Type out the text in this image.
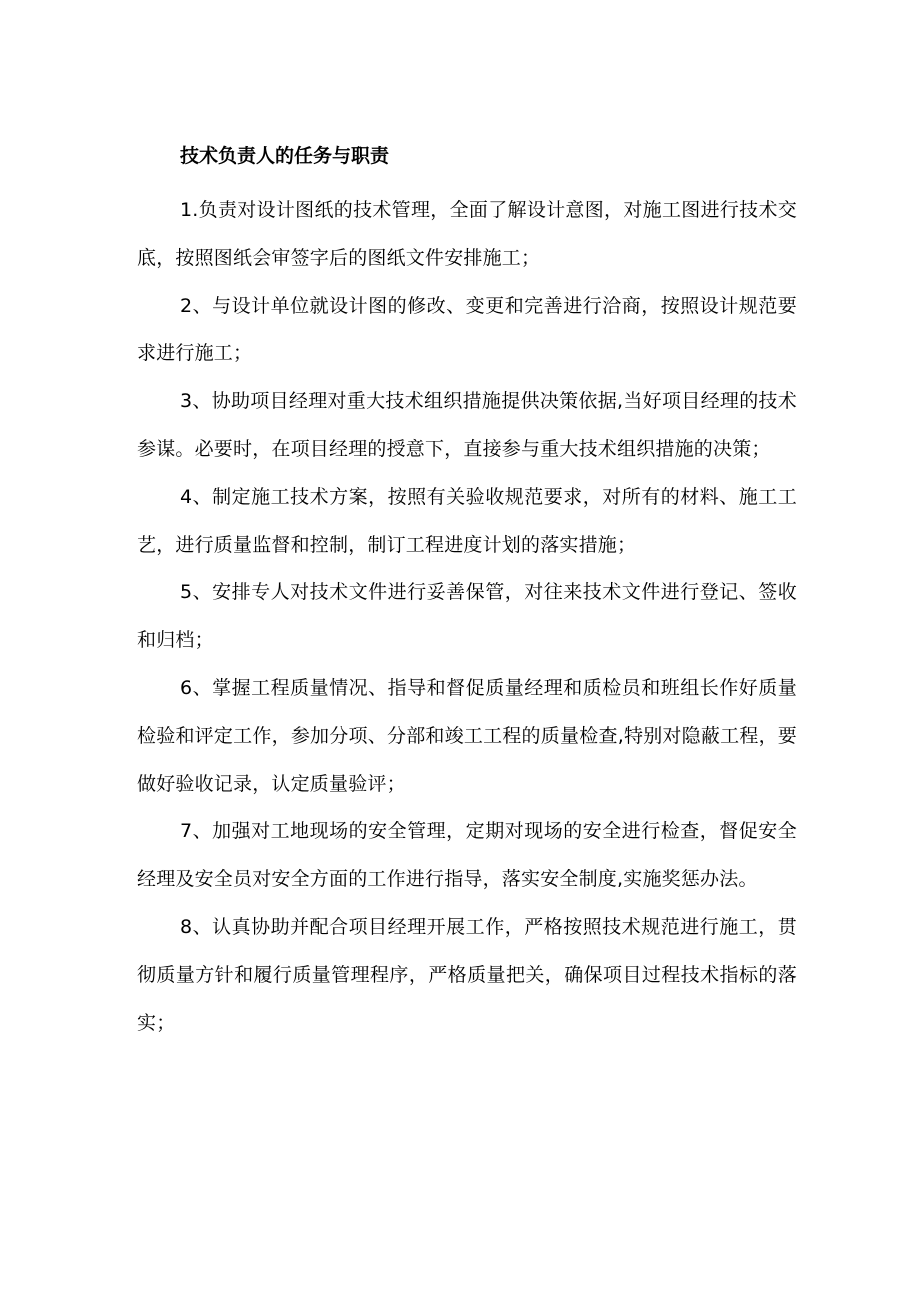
技术负责人的任务与职责

1.负责对设计图纸的技术管理，全面了解设计意图，对施工图进行技术交底，按照图纸会审签字后的图纸文件安排施工；

2、与设计单位就设计图的修改、变更和完善进行洽商，按照设计规范要求进行施工；

3、协助项目经理对重大技术组织措施提供决策依据,当好项目经理的技术参谋。必要时，在项目经理的授意下，直接参与重大技术组织措施的决策；

4、制定施工技术方案，按照有关验收规范要求，对所有的材料、施工工艺，进行质量监督和控制，制订工程进度计划的落实措施；

5、安排专人对技术文件进行妥善保管，对往来技术文件进行登记、签收和归档；

6、掌握工程质量情况、指导和督促质量经理和质检员和班组长作好质量检验和评定工作，参加分项、分部和竣工工程的质量检查,特别对隐蔽工程，要做好验收记录，认定质量验评；

7、加强对工地现场的安全管理，定期对现场的安全进行检查，督促安全经理及安全员对安全方面的工作进行指导，落实安全制度,实施奖惩办法。

8、认真协助并配合项目经理开展工作，严格按照技术规范进行施工，贯彻质量方针和履行质量管理程序，严格质量把关，确保项目过程技术指标的落实；
